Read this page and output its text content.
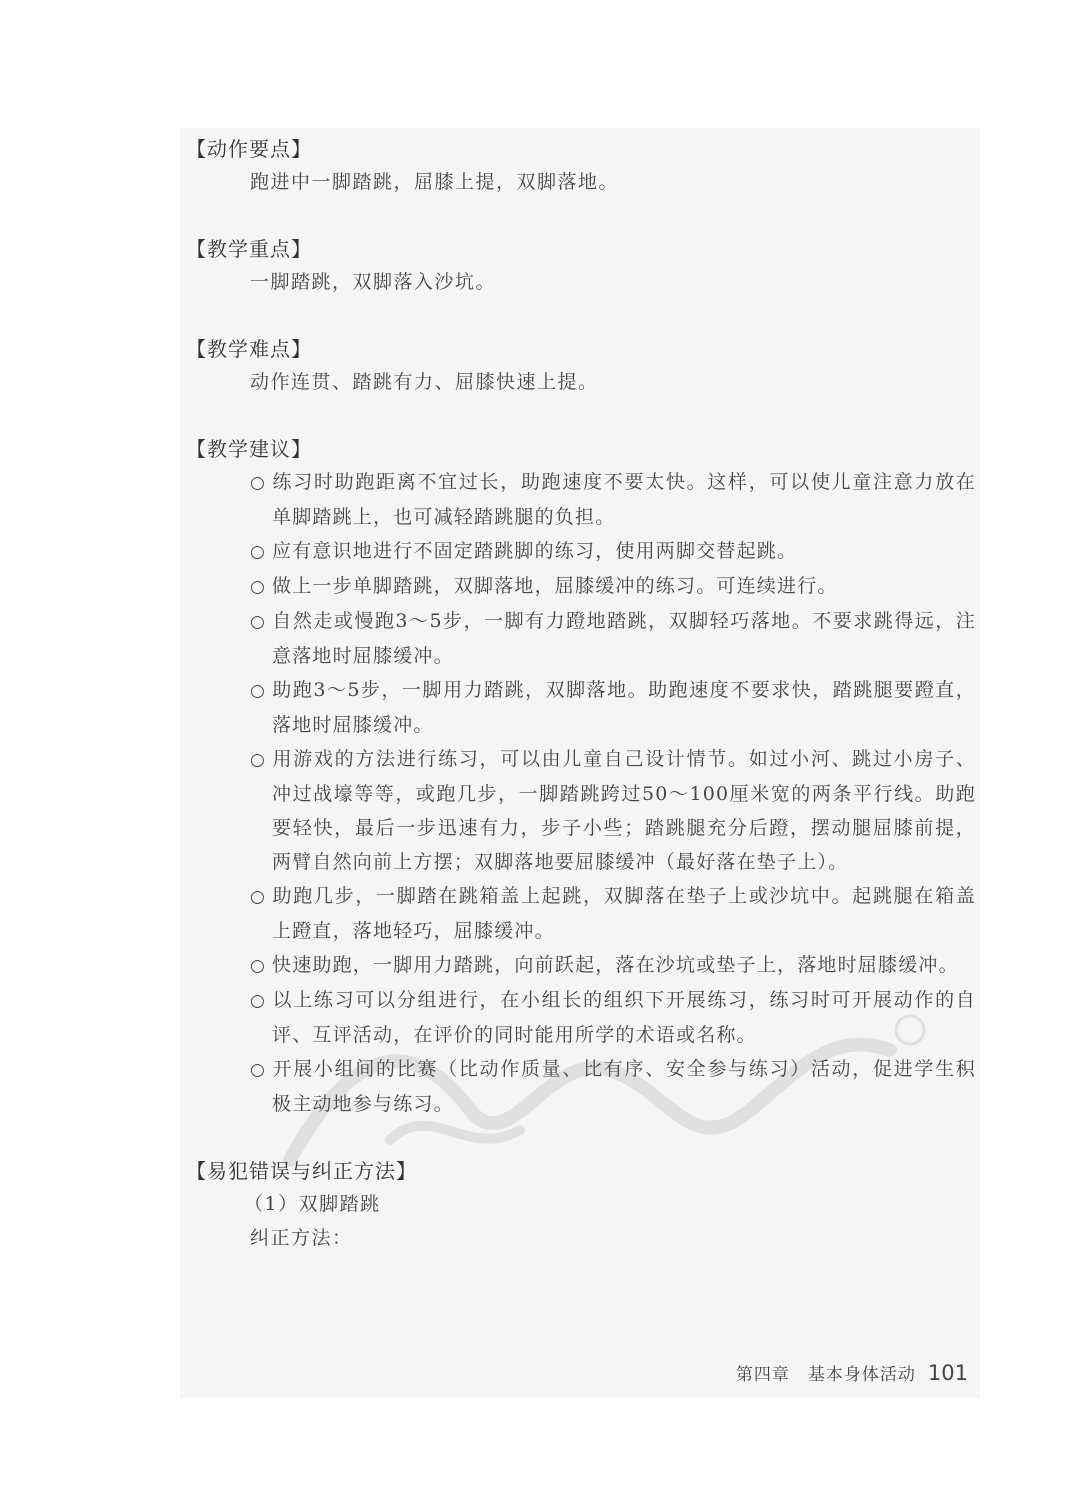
【动作要点】
跑进中一脚踏跳，屈膝上提，双脚落地。
【教学重点】
一脚踏跳，双脚落入沙坑。
【教学难点】
动作连贯、踏跳有力、屈膝快速上提。
【教学建议】
○ 练习时助跑距离不宜过长，助跑速度不要太快。这样，可以使儿童注意力放在单脚踏跳上，也可减轻踏跳腿的负担。
○ 应有意识地进行不固定踏跳脚的练习，使用两脚交替起跳。
○ 做上一步单脚踏跳，双脚落地，屈膝缓冲的练习。可连续进行。
○ 自然走或慢跑3～5步，一脚有力蹬地踏跳，双脚轻巧落地。不要求跳得远，注意落地时屈膝缓冲。
○ 助跑3～5步，一脚用力踏跳，双脚落地。助跑速度不要求快，踏跳腿要蹬直，落地时屈膝缓冲。
○ 用游戏的方法进行练习，可以由儿童自己设计情节。如过小河、跳过小房子、冲过战壕等等，或跑几步，一脚踏跳跨过50～100厘米宽的两条平行线。助跑要轻快，最后一步迅速有力，步子小些；踏跳腿充分后蹬，摆动腿屈膝前提，两臂自然向前上方摆；双脚落地要屈膝缓冲（最好落在垫子上）。
○ 助跑几步，一脚踏在跳箱盖上起跳，双脚落在垫子上或沙坑中。起跳腿在箱盖上蹬直，落地轻巧，屈膝缓冲。
○ 快速助跑，一脚用力踏跳，向前跃起，落在沙坑或垫子上，落地时屈膝缓冲。
○ 以上练习可以分组进行，在小组长的组织下开展练习，练习时可开展动作的自评、互评活动，在评价的同时能用所学的术语或名称。
○ 开展小组间的比赛（比动作质量、比有序、安全参与练习）活动，促进学生积极主动地参与练习。
【易犯错误与纠正方法】
（1）双脚踏跳
纠正方法：
第四章　基本身体活动 101
